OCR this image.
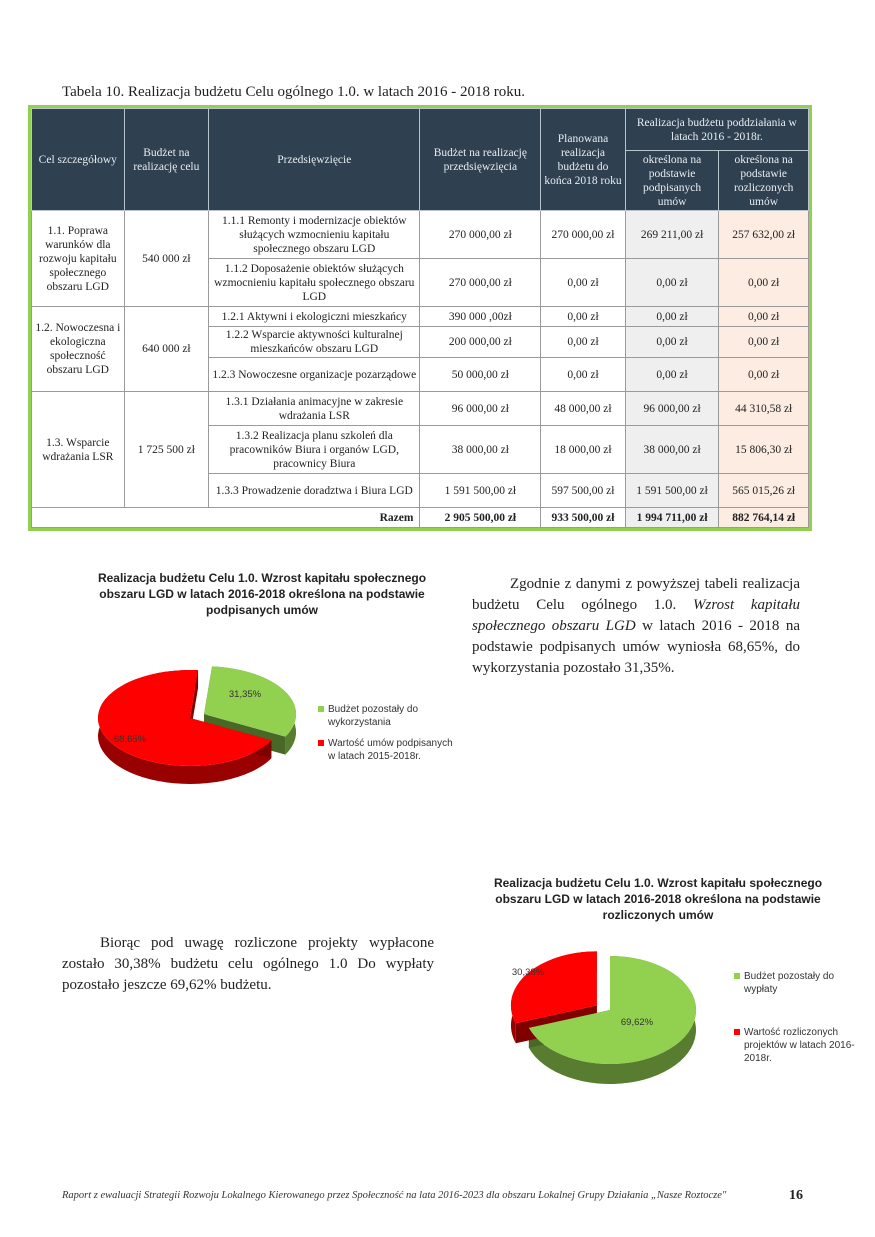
Tabela 10. Realizacja budżetu Celu ogólnego 1.0. w latach 2016 - 2018 roku.
Cel szczegółowy	Budżet na realizację celu	Przedsięwzięcie	Budżet na realizację przedsięwzięcia	Planowana realizacja budżetu do końca 2018 roku	Realizacja budżetu poddziałania w latach 2016 - 2018r.	
					określona na podstawie podpisanych umów	określona na podstawie rozliczonych umów
1.1. Poprawa warunków dla rozwoju kapitału społecznego obszaru LGD	540 000 zł	1.1.1 Remonty i modernizacje obiektów służących wzmocnieniu kapitału społecznego obszaru LGD	270 000,00 zł	270 000,00 zł	269 211,00 zł	257 632,00 zł
		1.1.2 Doposażenie obiektów służących wzmocnieniu kapitału społecznego obszaru LGD	270 000,00 zł	0,00 zł	0,00 zł	0,00 zł
1.2. Nowoczesna i ekologiczna społeczność obszaru LGD	640 000 zł	1.2.1 Aktywni i ekologiczni mieszkańcy	390 000 ,00zł	0,00 zł	0,00 zł	0,00 zł
		1.2.2 Wsparcie aktywności kulturalnej mieszkańców obszaru LGD	200 000,00 zł	0,00 zł	0,00 zł	0,00 zł
		1.2.3 Nowoczesne organizacje pozarządowe	50 000,00 zł	0,00 zł	0,00 zł	0,00 zł
1.3. Wsparcie wdrażania LSR	1 725 500 zł	1.3.1 Działania animacyjne w zakresie wdrażania LSR	96 000,00 zł	48 000,00 zł	96 000,00 zł	44 310,58 zł
		1.3.2 Realizacja planu szkoleń dla pracowników Biura i organów LGD, pracownicy Biura	38 000,00 zł	18 000,00 zł	38 000,00 zł	15 806,30 zł
		1.3.3 Prowadzenie doradztwa i Biura LGD	1 591 500,00 zł	597 500,00 zł	1 591 500,00 zł	565 015,26 zł
Razem			2 905 500,00 zł	933 500,00 zł	1 994 711,00 zł	882 764,14 zł
Realizacja budżetu Celu 1.0. Wzrost kapitału społecznego
obszaru LGD w latach 2016-2018 określona na podstawie
podpisanych umów
31,35%
68,65%
Budżet pozostały do
wykorzystania
Wartość umów podpisanych
w latach 2015-2018r.
Zgodnie z danymi z powyższej tabeli realizacja budżetu Celu ogólnego 1.0. Wzrost kapitału społecznego obszaru LGD w latach 2016 - 2018 na podstawie podpisanych umów wyniosła 68,65%, do wykorzystania pozostało 31,35%.
Realizacja budżetu Celu 1.0. Wzrost kapitału społecznego
obszaru LGD w latach 2016-2018 określona na podstawie
rozliczonych umów
69,62%
30,38%	Budżet pozostały do wypłaty
Wartość rozliczonych
projektów w latach 2016-
2018r.
Biorąc pod uwagę rozliczone projekty wypłacone zostało 30,38% budżetu celu ogólnego 1.0 Do wypłaty pozostało jeszcze 69,62% budżetu.
Raport z ewaluacji Strategii Rozwoju Lokalnego Kierowanego przez Społeczność na lata 2016-2023 dla obszaru Lokalnej Grupy Działania „Nasze Roztocze"	16
